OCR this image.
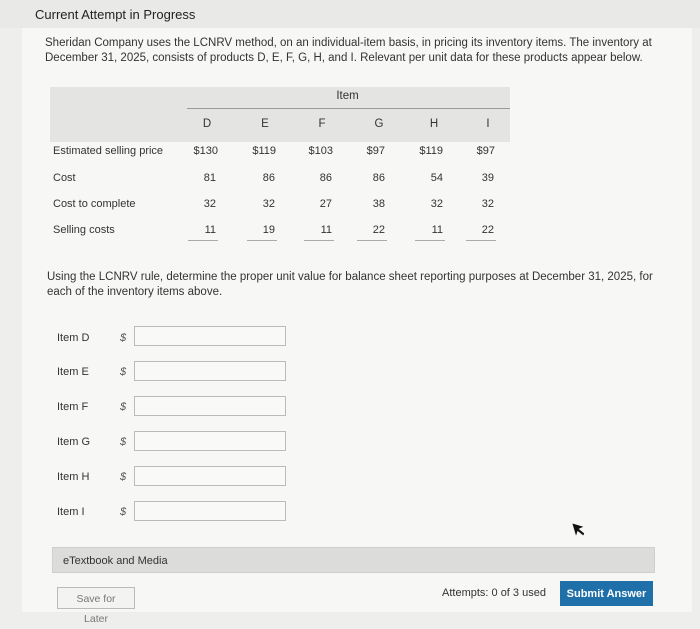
Current Attempt in Progress
Sheridan Company uses the LCNRV method, on an individual-item basis, in pricing its inventory items. The inventory at December 31, 2025, consists of products D, E, F, G, H, and I. Relevant per unit data for these products appear below.
Item
D	E	F	G	H	I
Estimated selling price	$130	$119	$103	$97	$119	$97
Cost	81	86	86	86	54	39
Cost to complete	32	32	27	38	32	32
Selling costs	11	19	11	22	11	22
Using the LCNRV rule, determine the proper unit value for balance sheet reporting purposes at December 31, 2025, for each of the inventory items above.
Item D	$
Item E	$
Item F	$
Item G	$
Item H	$
Item I	$
eTextbook and Media
Save for Later
Attempts: 0 of 3 used	Submit Answer
